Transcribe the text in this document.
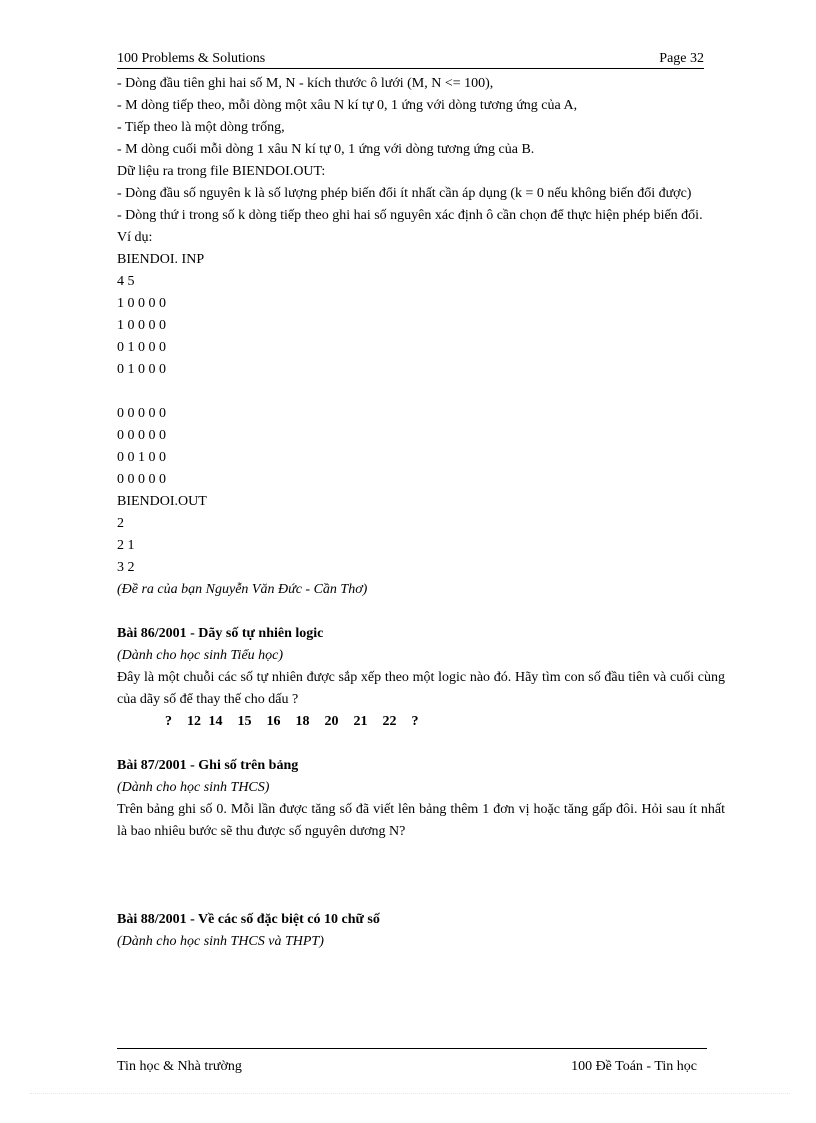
100 Problems & Solutions	Page 32

- Dòng đầu tiên ghi hai số M, N - kích thước ô lưới (M, N <= 100),
- M dòng tiếp theo, mỗi dòng một xâu N kí tự 0, 1 ứng với dòng tương ứng của A,
- Tiếp theo là một dòng trống,
- M dòng cuối mỗi dòng 1 xâu N kí tự 0, 1 ứng với dòng tương ứng của B.
Dữ liệu ra trong file BIENDOI.OUT:
- Dòng đầu số nguyên k là số lượng phép biến đổi ít nhất cần áp dụng (k = 0 nếu không biến đổi được)
- Dòng thứ i trong số k dòng tiếp theo ghi hai số nguyên xác định ô cần chọn để thực hiện phép biến đổi.
Ví dụ:
BIENDOI. INP
4 5
1 0 0 0 0
1 0 0 0 0
0 1 0 0 0
0 1 0 0 0
0 0 0 0 0
0 0 0 0 0
0 0 1 0 0
0 0 0 0 0
BIENDOI.OUT
2
2 1
3 2
(Đề ra của bạn Nguyễn Văn Đức - Cần Thơ)
Bài 86/2001 - Dãy số tự nhiên logic
(Dành cho học sinh Tiểu học)
Đây là một chuỗi các số tự nhiên được sắp xếp theo một logic nào đó. Hãy tìm con số đầu tiên và cuối cùng của dãy số để thay thế cho dấu ?
?  12 14  15  16  18  20  21  22  ?
Bài 87/2001 - Ghi số trên bảng
(Dành cho học sinh THCS)
Trên bảng ghi số 0. Mỗi lần được tăng số đã viết lên bảng thêm 1 đơn vị hoặc tăng gấp đôi. Hỏi sau ít nhất là bao nhiêu bước sẽ thu được số nguyên dương N?
Bài 88/2001 - Về các số đặc biệt có 10 chữ số
(Dành cho học sinh THCS và THPT)
Tin học & Nhà trường	100 Đề Toán - Tin học
